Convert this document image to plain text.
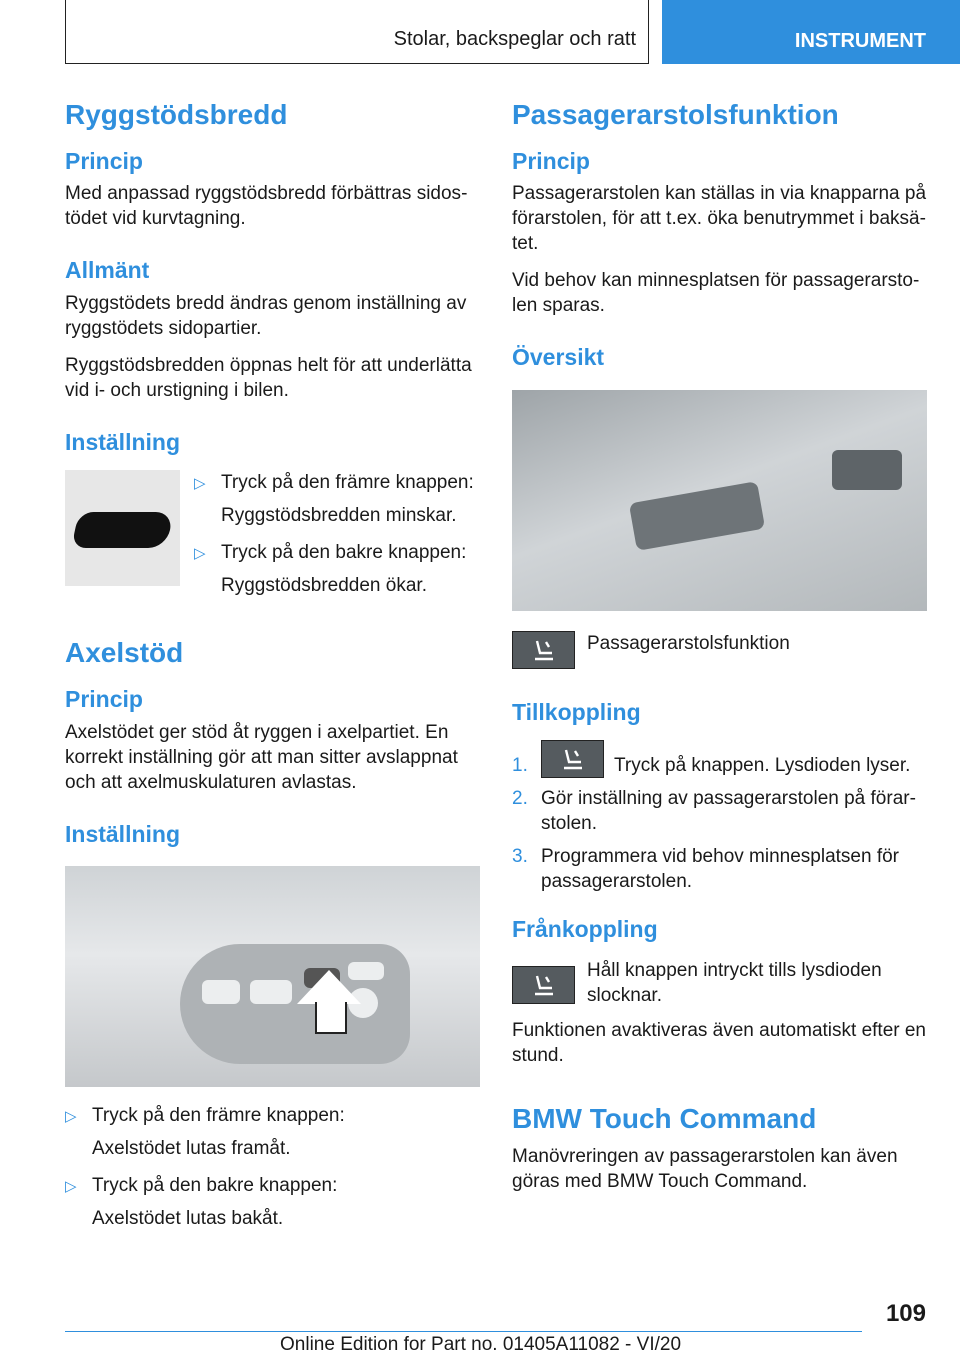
Stolar, backspeglar och ratt	INSTRUMENT
Ryggstödsbredd
Princip

Med anpassad ryggstödsbredd förbättras sidostödet vid kurvtagning.

Allmänt

Ryggstödets bredd ändras genom inställning av ryggstödets sidopartier.

Ryggstödsbredden öppnas helt för att underlätta vid i- och urstigning i bilen.

Inställning
▷ Tryck på den främre knappen:
Ryggstödsbredden minskar.
▷ Tryck på den bakre knappen:
Ryggstödsbredden ökar.
Axelstöd
Princip

Axelstödet ger stöd åt ryggen i axelpartiet. En korrekt inställning gör att man sitter avslappnat och att axelmuskulaturen avlastas.

Inställning
▷ Tryck på den främre knappen:
Axelstödet lutas framåt.
▷ Tryck på den bakre knappen:
Axelstödet lutas bakåt.
Passagerarstolsfunktion
Princip

Passagerarstolen kan ställas in via knapparna på förarstolen, för att t.ex. öka benutrymmet i baksätet.

Vid behov kan minnesplatsen för passagerarstolen sparas.

Översikt
Passagerarstolsfunktion
Tillkoppling
1.	Tryck på knappen. Lysdioden lyser.
2. Gör inställning av passagerarstolen på förarstolen.
3. Programmera vid behov minnesplatsen för passagerarstolen.
Frånkoppling
Håll knappen intryckt tills lysdioden slocknar.

Funktionen avaktiveras även automatiskt efter en stund.

BMW Touch Command

Manövreringen av passagerarstolen kan även göras med BMW Touch Command.

109
Online Edition for Part no. 01405A11082 - VI/20
